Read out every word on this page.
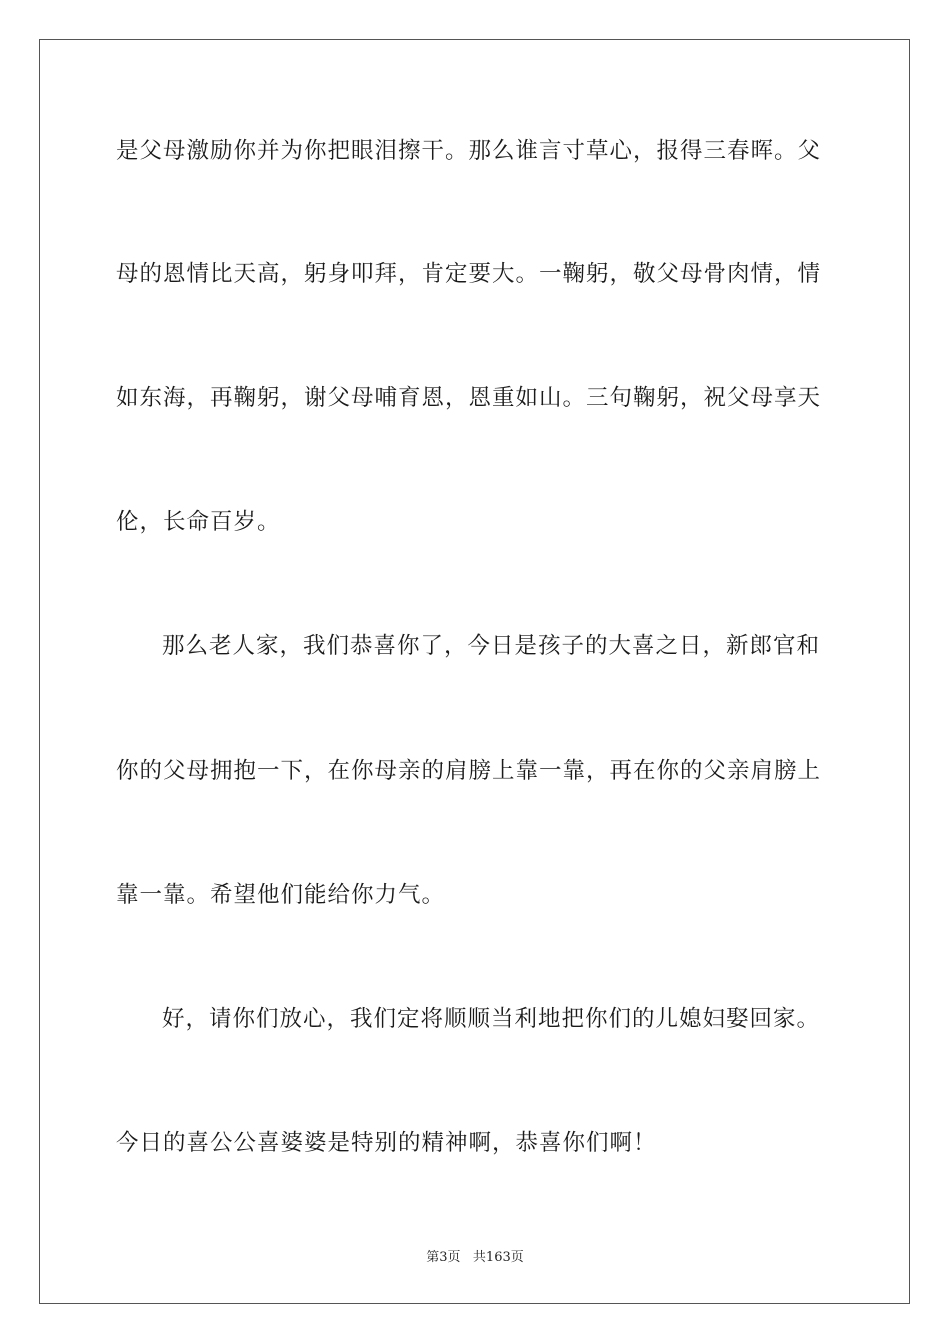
是父母激励你并为你把眼泪擦干。那么谁言寸草心，报得三春晖。父
母的恩情比天高，躬身叩拜，肯定要大。一鞠躬，敬父母骨肉情，情
如东海，再鞠躬，谢父母哺育恩，恩重如山。三句鞠躬，祝父母享天
伦，长命百岁。
那么老人家，我们恭喜你了，今日是孩子的大喜之日，新郎官和
你的父母拥抱一下，在你母亲的肩膀上靠一靠，再在你的父亲肩膀上
靠一靠。希望他们能给你力气。
好，请你们放心，我们定将顺顺当利地把你们的儿媳妇娶回家。
今日的喜公公喜婆婆是特别的精神啊，恭喜你们啊！
第3页 共163页
